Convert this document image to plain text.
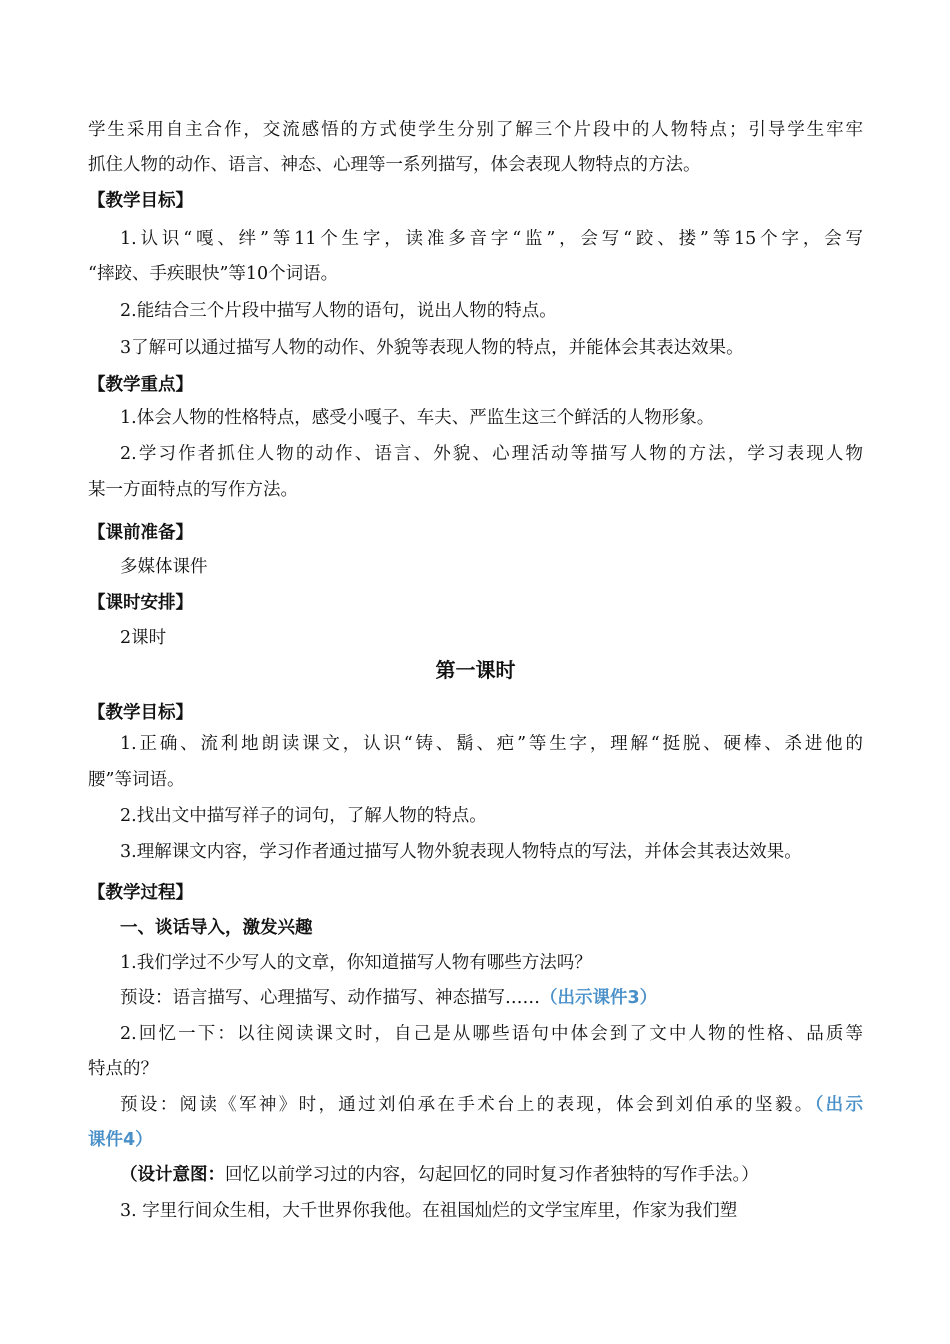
学生采用自主合作，交流感悟的方式使学生分别了解三个片段中的人物特点；引导学生牢牢
抓住人物的动作、语言、神态、心理等一系列描写，体会表现人物特点的方法。
【教学目标】
1.认识“嘎、绊”等11个生字，读准多音字“监”，会写“跤、搂”等15个字，会写
“摔跤、手疾眼快”等10个词语。
2.能结合三个片段中描写人物的语句，说出人物的特点。
3了解可以通过描写人物的动作、外貌等表现人物的特点，并能体会其表达效果。
【教学重点】
1.体会人物的性格特点，感受小嘎子、车夫、严监生这三个鲜活的人物形象。
2.学习作者抓住人物的动作、语言、外貌、心理活动等描写人物的方法，学习表现人物
某一方面特点的写作方法。
【课前准备】
多媒体课件
【课时安排】
2课时
第一课时
【教学目标】
1.正确、流利地朗读课文，认识“铸、鬍、疤”等生字，理解“挺脱、硬棒、杀进他的
腰”等词语。
2.找出文中描写祥子的词句，了解人物的特点。
3.理解课文内容，学习作者通过描写人物外貌表现人物特点的写法，并体会其表达效果。
【教学过程】
一、谈话导入，激发兴趣
1.我们学过不少写人的文章，你知道描写人物有哪些方法吗？
预设：语言描写、心理描写、动作描写、神态描写……（出示课件3）
2.回忆一下：以往阅读课文时，自己是从哪些语句中体会到了文中人物的性格、品质等
特点的？
预设：阅读《军神》时，通过刘伯承在手术台上的表现，体会到刘伯承的坚毅。（出示
课件4）
（设计意图：回忆以前学习过的内容，勾起回忆的同时复习作者独特的写作手法。）
3. 字里行间众生相，大千世界你我他。在祖国灿烂的文学宝库里，作家为我们塑
